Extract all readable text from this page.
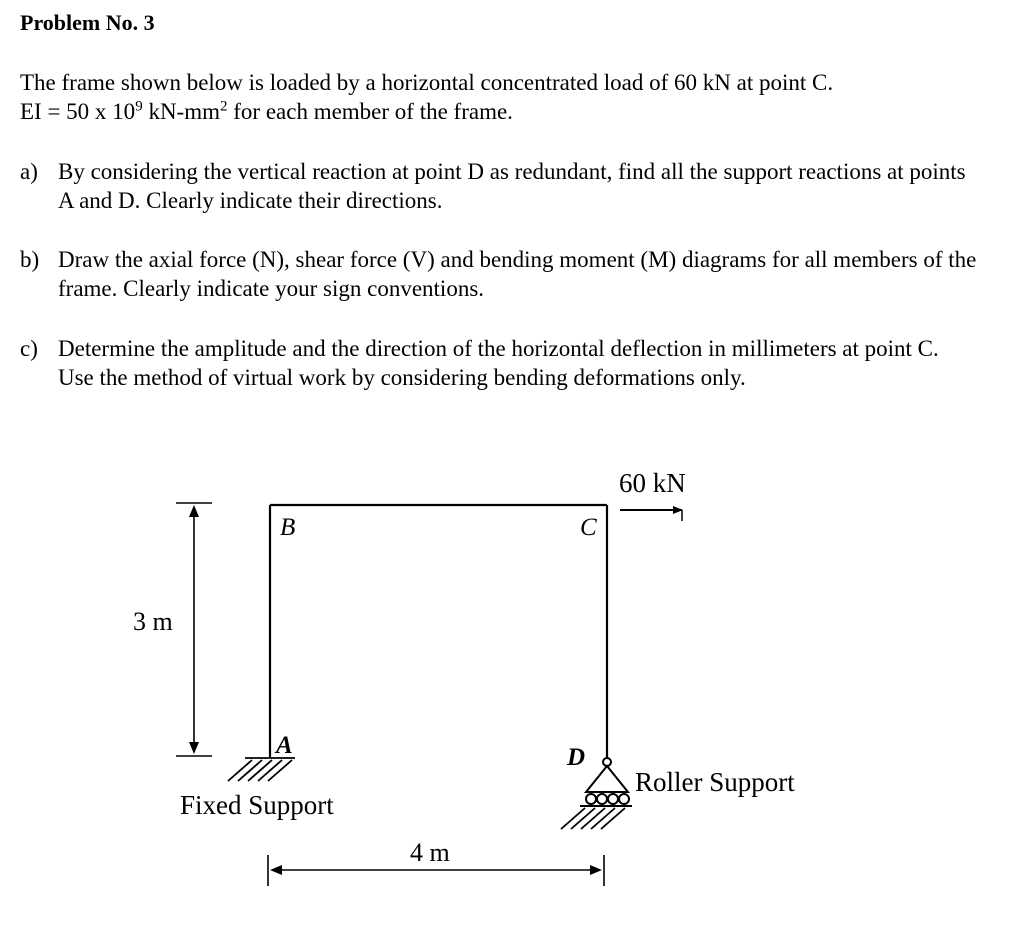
Problem No. 3

The frame shown below is loaded by a horizontal concentrated load of 60 kN at point C.
EI = 50 x $10^9$ $kN-mm^2$ for each member of the frame.

a) By considering the vertical reaction at point D as redundant, find all the support reactions at points A and D. Clearly indicate their directions.
b) Draw the axial force (N), shear force (V) and bending moment (M) diagrams for all members of the frame. Clearly indicate your sign conventions.
c) Determine the amplitude and the direction of the horizontal deflection in millimeters at point C. Use the method of virtual work by considering bending deformations only.
B	C
A	D
60 kN
3 m
Fixed Support
Roller Support
4 m
